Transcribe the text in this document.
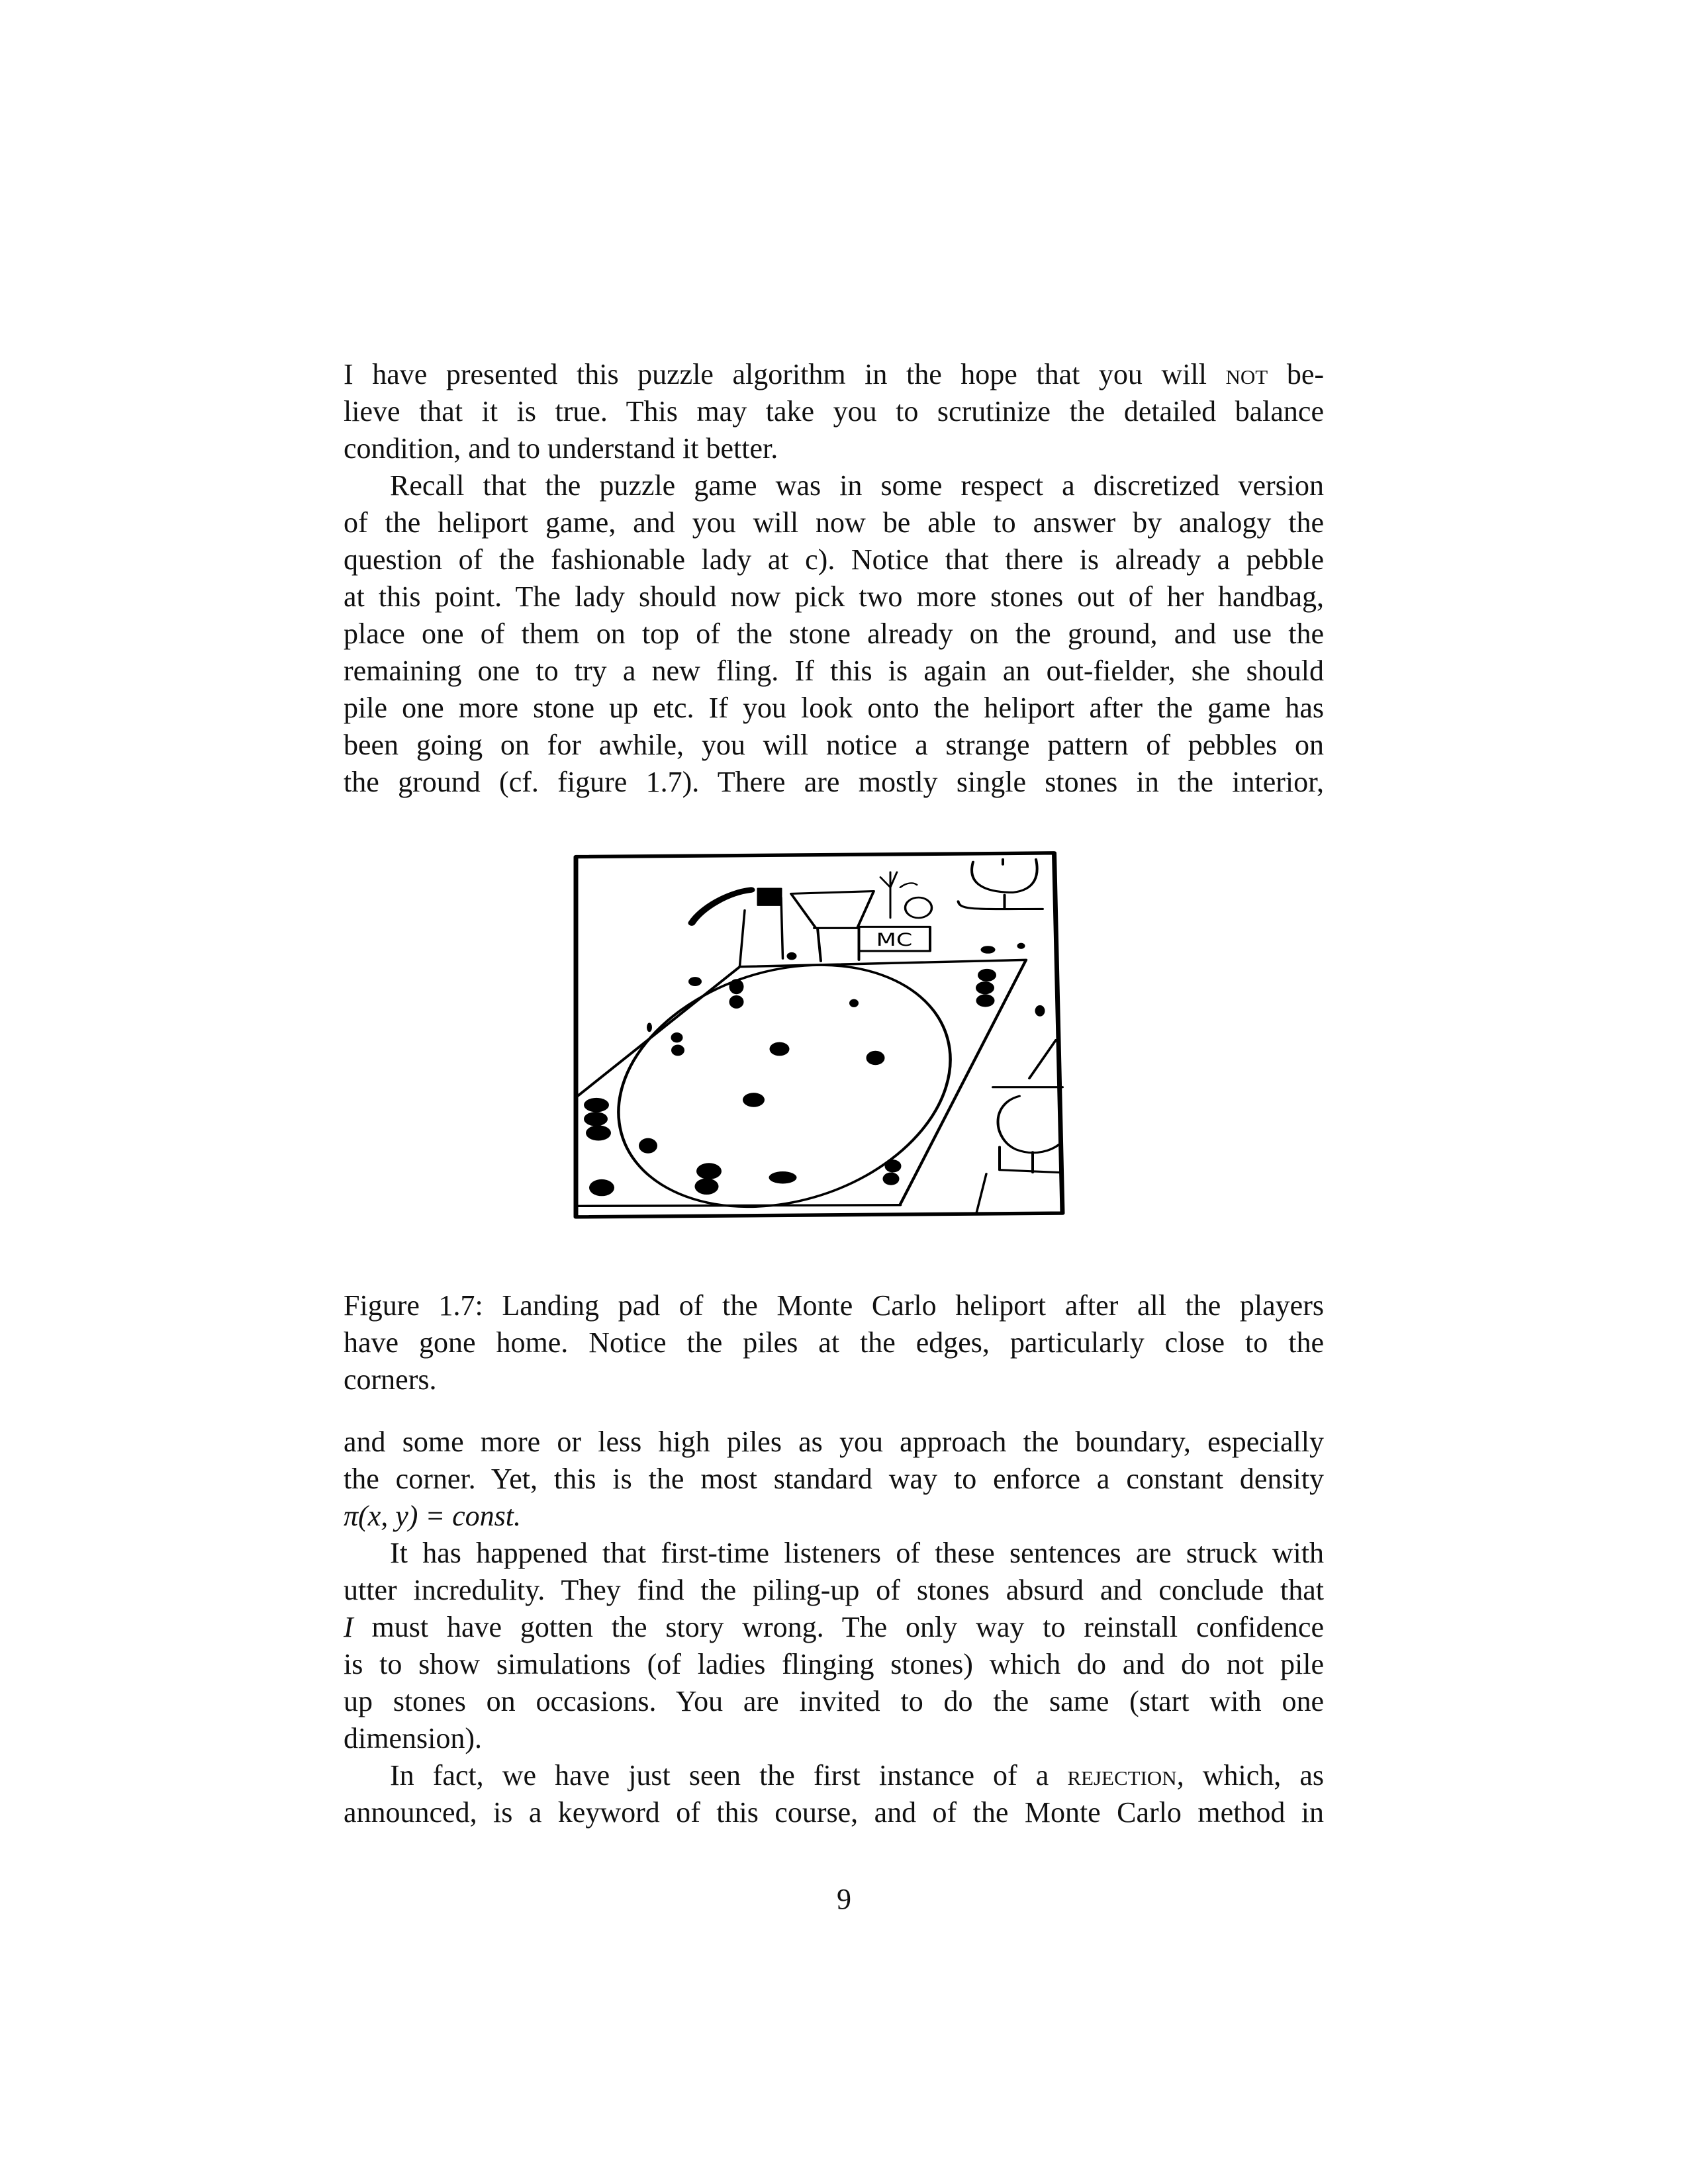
I have presented this puzzle algorithm in the hope that you will not be-
lieve that it is true. This may take you to scrutinize the detailed balance
condition, and to understand it better.
Recall that the puzzle game was in some respect a discretized version
of the heliport game, and you will now be able to answer by analogy the
question of the fashionable lady at c). Notice that there is already a pebble
at this point. The lady should now pick two more stones out of her handbag,
place one of them on top of the stone already on the ground, and use the
remaining one to try a new fling. If this is again an out-fielder, she should
pile one more stone up etc. If you look onto the heliport after the game has
been going on for awhile, you will notice a strange pattern of pebbles on
the ground (cf. figure 1.7). There are mostly single stones in the interior,
MC
Figure 1.7: Landing pad of the Monte Carlo heliport after all the players
have gone home. Notice the piles at the edges, particularly close to the
corners.
and some more or less high piles as you approach the boundary, especially
the corner. Yet, this is the most standard way to enforce a constant density
π(x, y) = const.
It has happened that first-time listeners of these sentences are struck with
utter incredulity. They find the piling-up of stones absurd and conclude that
I must have gotten the story wrong. The only way to reinstall confidence
is to show simulations (of ladies flinging stones) which do and do not pile
up stones on occasions. You are invited to do the same (start with one
dimension).
In fact, we have just seen the first instance of a rejection, which, as
announced, is a keyword of this course, and of the Monte Carlo method in
9
